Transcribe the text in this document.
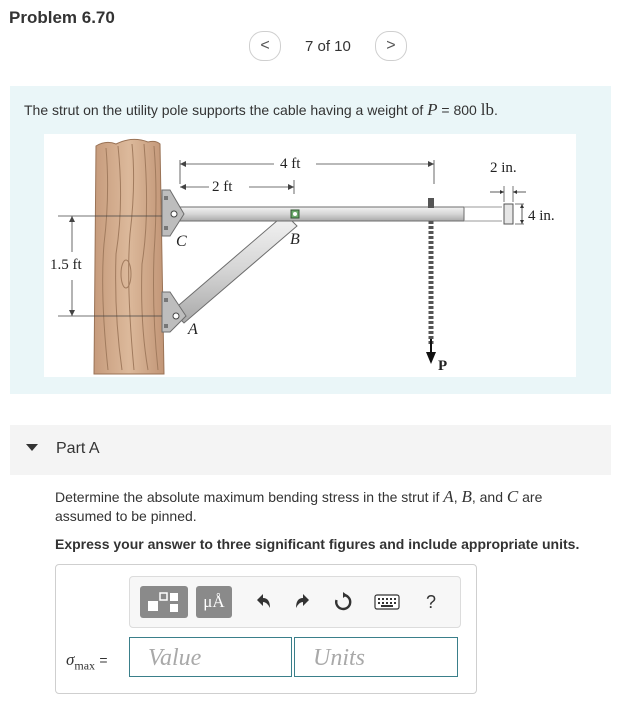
Problem 6.70
<	7 of 10	>
The strut on the utility pole supports the cable having a weight of P = 800 lb.
4 ft
2 ft
2 in.
4 in.
1.5 ft
C	B
A
P
Part A
Determine the absolute maximum bending stress in the strut if A, B, and C are assumed to be pinned.
Express your answer to three significant figures and include appropriate units.
μÅ	?
$\sigma_{max}$ =	Value	Units
